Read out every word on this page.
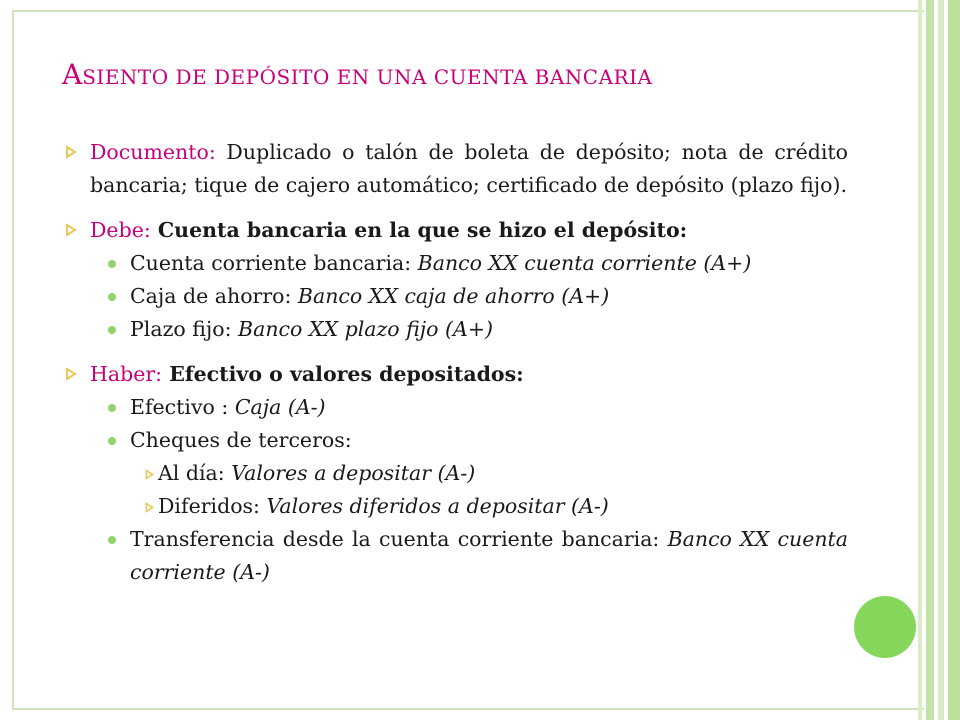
ASIENTO DE DEPÓSITO EN UNA CUENTA BANCARIA
Documento: Duplicado o talón de boleta de depósito; nota de crédito bancaria; tique de cajero automático; certificado de depósito (plazo fijo).
Debe: Cuenta bancaria en la que se hizo el depósito:
Cuenta corriente bancaria: Banco XX cuenta corriente (A+)
Caja de ahorro: Banco XX caja de ahorro (A+)
Plazo fijo: Banco XX plazo fijo (A+)
Haber: Efectivo o valores depositados:
Efectivo : Caja (A-)
Cheques de terceros:
Al día: Valores a depositar (A-)
Diferidos: Valores diferidos a depositar (A-)
Transferencia desde la cuenta corriente bancaria: Banco XX cuenta corriente (A-)
